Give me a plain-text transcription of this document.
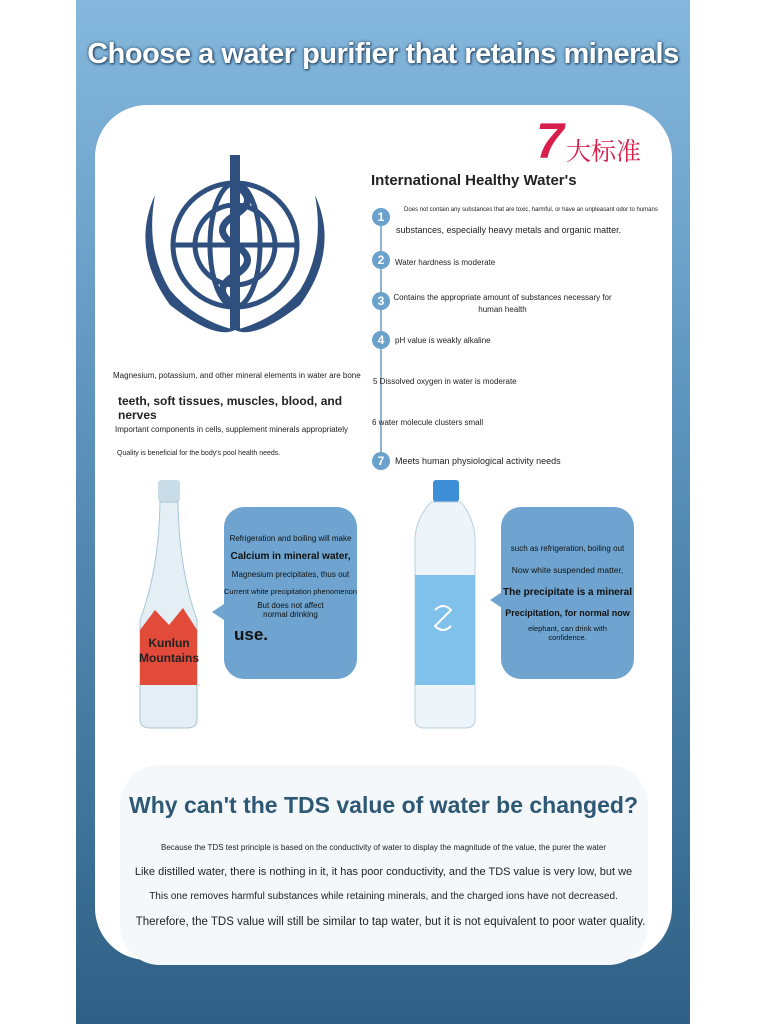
Choose a water purifier that retains minerals
7 大标准
International Healthy Water's
1	Does not contain any substances that are toxic, harmful, or have an unpleasant odor to humans
substances, especially heavy metals and organic matter.
2	Water hardness is moderate
3	Contains the appropriate amount of substances necessary for human health
4	pH value is weakly alkaline
5 Dissolved oxygen in water is moderate
6 water molecule clusters small
7	Meets human physiological activity needs
Magnesium, potassium, and other mineral elements in water are bone
teeth, soft tissues, muscles, blood, and nerves
Important components in cells, supplement minerals appropriately
Quality is beneficial for the body's pool health needs.
Kunlun Mountains

Refrigeration and boiling will make

Calcium in mineral water,

Magnesium precipitates, thus out

Current white precipitation phenomenon

But does not affect normal drinking

use.

such as refrigeration, boiling out

Now white suspended matter,

The precipitate is a mineral

Precipitation, for normal now

elephant, can drink with confidence.

Why can't the TDS value of water be changed?
Because the TDS test principle is based on the conductivity of water to display the magnitude of the value, the purer the water
Like distilled water, there is nothing in it, it has poor conductivity, and the TDS value is very low, but we
This one removes harmful substances while retaining minerals, and the charged ions have not decreased.
Therefore, the TDS value will still be similar to tap water, but it is not equivalent to poor water quality.
